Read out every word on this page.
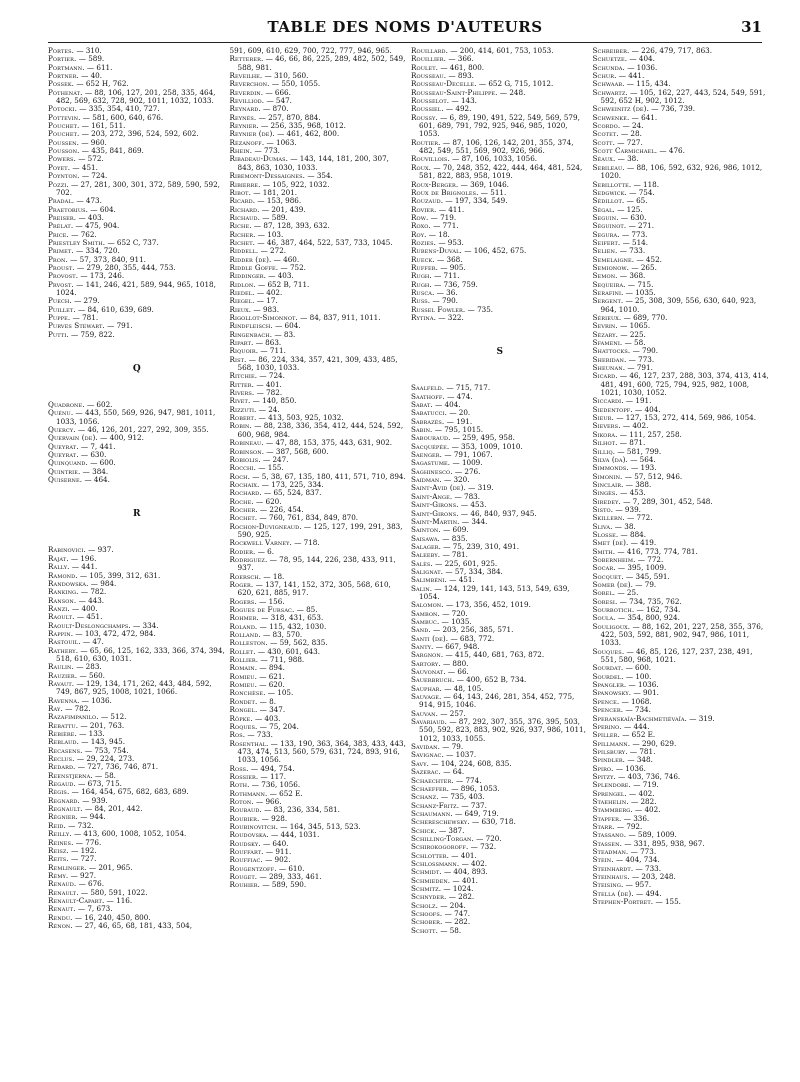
TABLE DES NOMS D'AUTEURS	31
Portes. — 310.
Portier. — 589.
Portmann. — 611.
Portner. — 40.
Possek. — 652 H, 762.
Pothenat. — 88, 106, 127, 201, 258, 335, 464, 482, 569, 632, 728, 902, 1011, 1032, 1033.
Potocki. — 335, 354, 410, 727.
Pottevin. — 581, 600, 640, 676.
Pouchet. — 161, 511.
Pouchet. — 203, 272, 396, 524, 592, 602.
Poussen. — 960.
Pousson. — 435, 841, 869.
Powers. — 572.
Poyet. — 451.
Poynton. — 724.
Pozzi. — 27, 281, 300, 301, 372, 589, 590, 592, 702.
Pradal. — 473.
Praetorius. — 604.
Preiser. — 403.
Prélat. — 475, 904.
Price. — 762.
Priestley Smith. — 652 C, 737.
Primet. — 334, 720.
Pron. — 57, 373, 840, 911.
Proust. — 279, 280, 355, 444, 753.
Provost. — 173, 246.
Prvost. — 141, 246, 421, 589, 944, 965, 1018, 1024.
Puech. — 279.
Puillet. — 84, 610, 639, 689.
Puppe. — 781.
Purves Stewart. — 791.
Putti. — 759, 822.
Q
Quadrone. — 602.
Quénu. — 443, 550, 569, 926, 947, 981, 1011, 1033, 1056.
Quercy. — 46, 126, 201, 227, 292, 309, 355.
Quervain (de). — 400, 912.
Queyrat. — 7, 441.
Queyrat. — 630.
Quinquand. — 600.
Quintrie. — 384.
Quiserne. — 464.
R
Rabinovici. — 937.
Rajat. — 196.
Rally. — 441.
Ramond. — 105, 399, 312, 631.
Randowska. — 984.
Ranking. — 782.
Ranson. — 443.
Ranzi. — 400.
Raoult. — 451.
Raoult-Deslongchamps. — 334.
Rappin. — 103, 472, 472, 984.
Rastouil. — 47.
Rathery. — 65, 66, 125, 162, 333, 366, 374, 394, 518, 610, 630, 1031.
Raulin. — 283.
Rauzier. — 560.
Ravaut. — 129, 134, 171, 262, 443, 484, 592, 749, 867, 925, 1008, 1021, 1066.
Ravenna. — 1036.
Ray. — 782.
Razafimpanilo. — 512.
Rebattu. — 201, 763.
Rebière. — 133.
Reblaud. — 143, 945.
Recasens. — 753, 754.
Reclus. — 29, 224, 273.
Redard. — 727, 736, 746, 871.
Reenstjerna. — 58.
Regaud. — 673, 715.
Régis. — 164, 454, 675, 682, 683, 689.
Regnard. — 939.
Regnault. — 84, 201, 442.
Régnier. — 944.
Reid. — 732.
Reilly. — 413, 600, 1008, 1052, 1054.
Reines. — 776.
Reisz. — 192.
Reits. — 727.
Remlinger. — 201, 965.
Rémy. — 927.
Renaud. — 676.
Renault. — 580, 591, 1022.
Renault-Capart. — 116.
Renaut. — 7, 673.
Rendu. — 16, 240, 450, 800.
Rénon. — 27, 46, 65, 68, 181, 433, 504,
591, 609, 610, 629, 700, 722, 777, 946, 965.
Retterer. — 46, 66, 86, 225, 289, 482, 502, 549, 588, 981.
Reveilhe. — 310, 560.
Reverchon. — 550, 1055.
Reverdin. — 666.
Revilliod. — 547.
Reynard. — 870.
Reynès. — 257, 870, 884.
Reynier. — 256, 335, 968, 1012.
Reynier (de). — 461, 462, 800.
Rézanoff. — 1063.
Rhein. — 773.
Ribadeau-Dumas. — 143, 144, 181, 200, 307, 843, 863, 1030, 1033.
Ribemont-Dessaignes. — 354.
Ribierre. — 105, 922, 1032.
Ribot. — 181, 201.
Ricard. — 153, 986.
Richard. — 201, 439.
Richaud. — 589.
Riche. — 87, 128, 393, 632.
Richer. — 103.
Richet. — 46, 387, 464, 522, 537, 733, 1045.
Riddell. — 272.
Ridder (de). — 460.
Riddle Goffe. — 752.
Riddinger. — 403.
Ridlon. — 652 B, 711.
Riedel. — 402.
Riegel. — 17.
Rieux. — 983.
Rigollot-Simonnot. — 84, 837, 911, 1011.
Rindfleisch. — 604.
Ringenbach. — 83.
Ripart. — 863.
Riquoir. — 711.
Rist. — 86, 224, 334, 357, 421, 309, 433, 485, 568, 1030, 1033.
Ritchie. — 724.
Ritter. — 401.
Rivers. — 782.
Rivet. — 140, 850.
Rizzuti. — 24.
Robert. — 413, 503, 925, 1032.
Robin. — 88, 238, 336, 354, 412, 444, 524, 592, 600, 968, 984.
Robineau. — 47, 88, 153, 375, 443, 631, 902.
Robinson. — 387, 568, 600.
Robiolis. — 247.
Rocchi. — 155.
Roch. — 5, 38, 67, 135, 180, 411, 571, 710, 894.
Rochaix. — 173, 225, 334.
Rochard. — 65, 524, 837.
Roche. — 620.
Rocher. — 226, 454.
Rochet. — 760, 761, 834, 849, 870.
Rochon-Duvigneaud. — 125, 127, 199, 291, 383, 590, 925.
Rockwell Varney. — 718.
Rodier. — 6.
Rodriguez. — 78, 95, 144, 226, 238, 433, 911, 937.
Roersch. — 18.
Roger. — 137, 141, 152, 372, 305, 568, 610, 620, 621, 885, 917.
Rogers. — 156.
Rogues de Fursac. — 85.
Rohmer. — 318, 431, 653.
Roland. — 115, 432, 1030.
Rolland. — 83, 570.
Rolleston. — 59, 562, 835.
Rollet. — 430, 601, 643.
Rollier. — 711, 988.
Romain. — 894.
Romieu. — 621.
Romieu. — 620.
Ronchèse. — 105.
Rondet. — 8.
Rongel. — 347.
Röpke. — 403.
Roques. — 75, 204.
Ros. — 733.
Rosenthal. — 133, 190, 363, 364, 383, 433, 443, 473, 474, 513, 560, 579, 631, 724, 893, 916, 1033, 1056.
Ross. — 494, 754.
Rossier. — 117.
Roth. — 736, 1056.
Rothmann. — 652 E.
Roton. — 966.
Roubaud. — 83, 236, 334, 581.
Roubier. — 928.
Roubinovitch. — 164, 345, 513, 523.
Roudovska. — 444, 1031.
Roudsky. — 640.
Rouffart. — 911.
Rouffiac. — 902.
Rougentzoff. — 610.
Rouget. — 289, 333, 461.
Rouhier. — 589, 590.
Rouillard. — 200, 414, 601, 753, 1053.
Rouillier. — 366.
Roulet. — 461, 800.
Rousseau. — 893.
Rousseau-Decelle. — 652 G, 715, 1012.
Rousseau-Saint-Philippe. — 248.
Rousselot. — 143.
Roussiel. — 492.
Roussy. — 6, 89, 190, 491, 522, 549, 569, 579, 601, 689, 791, 792, 925, 946, 985, 1020, 1053.
Routier. — 87, 106, 126, 142, 201, 355, 374, 482, 549, 551, 569, 902, 926, 966.
Rouvillois. — 87, 106, 1033, 1056.
Roux. — 70, 248, 352, 422, 444, 464, 481, 524, 581, 822, 883, 958, 1019.
Roux-Berger. — 369, 1046.
Roux de Brignoles. — 511.
Rouzaud. — 197, 334, 549.
Rovier. — 411.
Row. — 719.
Roxo. — 771.
Roy. — 18.
Rozies. — 953.
Rubens-Duval. — 106, 452, 675.
Rueck. — 368.
Ruffer. — 905.
Rugh. — 711.
Rugh. — 736, 759.
Rusca. — 36.
Russ. — 790.
Russel Fowler. — 735.
Rytina. — 322.
S
Saalfeld. — 715, 717.
Saathoff. — 474.
Sabat. — 404.
Sabatucci. — 20.
Sabrazès. — 191.
Sabin. — 795, 1015.
Sabouraud. — 259, 495, 958.
Sacquépée. — 353, 1009, 1010.
Saenger. — 791, 1067.
Sagastume. — 1009.
Saghinesco. — 276.
Saidman. — 320.
Saint-Avid (de). — 319.
Saint-Ange. — 783.
Saint-Girons. — 453.
Saint-Girons. — 46, 840, 937, 945.
Saint-Martin. — 344.
Sainton. — 609.
Saisawa. — 835.
Salager. — 75, 239, 310, 491.
Saleeby. — 781.
Salès. — 225, 601, 925.
Salignat. — 57, 334, 384.
Salimbéni. — 451.
Salin. — 124, 129, 141, 143, 513, 549, 639, 1054.
Salomon. — 173, 356, 452, 1019.
Sambon. — 720.
Sambuc. — 1035.
Sand. — 203, 256, 385, 571.
Santi (de). — 683, 772.
Santy. — 667, 948.
Sargnon. — 415, 440, 681, 763, 872.
Sartory. — 880.
Sauvonat. — 66.
Sauerbruch. — 400, 652 B, 734.
Sauphar. — 48, 105.
Sauvage. — 64, 143, 246, 281, 354, 452, 775, 914, 915, 1046.
Sauvan. — 257.
Savariaud. — 87, 292, 307, 355, 376, 395, 503, 550, 592, 823, 883, 902, 926, 937, 986, 1011, 1012, 1033, 1055.
Savidan. — 79.
Savignac. — 1037.
Savy. — 104, 224, 608, 835.
Sazerac. — 64.
Schaechter. — 774.
Schaeffer. — 896, 1053.
Schanz. — 735, 403.
Schanz-Fritz. — 737.
Schaumann. — 649, 719.
Schereschewsky. — 630, 718.
Schick. — 387.
Schilling-Torgan. — 720.
Schirokogoroff. — 732.
Schlotter. — 401.
Schlossmann. — 402.
Schmidt. — 404, 893.
Schmieden. — 401.
Schmitz. — 1024.
Schnyder. — 282.
Scholz. — 204.
Schoofs. — 747.
Schober. — 282.
Schott. — 58.
Schreiber. — 226, 479, 717, 863.
Schuetze. — 404.
Schunda. — 1036.
Schur. — 441.
Schwaab. — 115, 434.
Schwartz. — 105, 162, 227, 443, 524, 549, 591, 592, 652 H, 902, 1012.
Schweinitz (de). — 736, 739.
Schwenke. — 641.
Scordo. — 24.
Scotet. — 28.
Scott. — 727.
Scott Carmichael. — 476.
Séaux. — 38.
Sebileau. — 88, 106, 592, 632, 926, 986, 1012, 1020.
Sebillotte. — 118.
Sedgwick. — 754.
Sédillot. — 65.
Ségal. — 125.
Seguin. — 630.
Séguinot. — 271.
Segura. — 773.
Seifert. — 514.
Selien. — 733.
Semelaigne. — 452.
Semionow. — 265.
Semon. — 368.
Sequeira. — 715.
Serafini. — 1035.
Sergent. — 25, 308, 309, 556, 630, 640, 923, 964, 1010.
Sérieux. — 689, 770.
Sevrin. — 1065.
Sézary. — 225.
Sfameni. — 58.
Shattocks. — 790.
Sheridan. — 773.
Sheunan. — 791.
Sicard. — 46, 127, 237, 288, 303, 374, 413, 414, 481, 491, 600, 725, 794, 925, 982, 1008, 1021, 1030, 1052.
Siccardi. — 191.
Siedentopf. — 404.
Sieur. — 127, 153, 272, 414, 569, 986, 1054.
Sievers. — 402.
Sikora. — 111, 257, 258.
Silhot. — 871.
Silliq. — 581, 799.
Silva (da). — 564.
Simmonds. — 193.
Simonin. — 57, 512, 946.
Sinclair. — 388.
Singès. — 453.
Siredey. — 7, 289, 301, 452, 548.
Sisto. — 939.
Skillern. — 772.
Sliva. — 38.
Slosse. — 884.
Smet (de). — 419.
Smith. — 416, 773, 774, 781.
Sobernheim. — 772.
Socar. — 395, 1009.
Socquet. — 345, 591.
Somer (de). — 79.
Sorel. — 25.
Soresi. — 734, 735, 762.
Sourbotich. — 162, 734.
Soula. — 354, 800, 924.
Souligoux. — 88, 162, 201, 227, 258, 355, 376, 422, 503, 592, 881, 902, 947, 986, 1011, 1033.
Souques. — 46, 85, 126, 127, 237, 238, 491, 551, 580, 968, 1021.
Sourdat. — 600.
Sourdel. — 100.
Spangler. — 1036.
Spanowsky. — 901.
Spence. — 1068.
Spencer. — 734.
Speranskaïa-Bachmetiévaïa. — 319.
Sperino. — 444.
Spiller. — 652 E.
Spillmann. — 290, 629.
Spilsbury. — 781.
Spindler. — 348.
Spiro. — 1036.
Spitzy. — 403, 736, 746.
Splendore. — 719.
Sprengel. — 402.
Staehelin. — 282.
Stammberg. — 402.
Stapfer. — 336.
Starr. — 792.
Stassano. — 589, 1009.
Stassen. — 331, 895, 938, 967.
Steadman. — 773.
Stein. — 404, 734.
Steinhardt. — 733.
Steinhaus. — 203, 248.
Steising. — 957.
Stella (de). — 494.
Stephen-Portret. — 155.
